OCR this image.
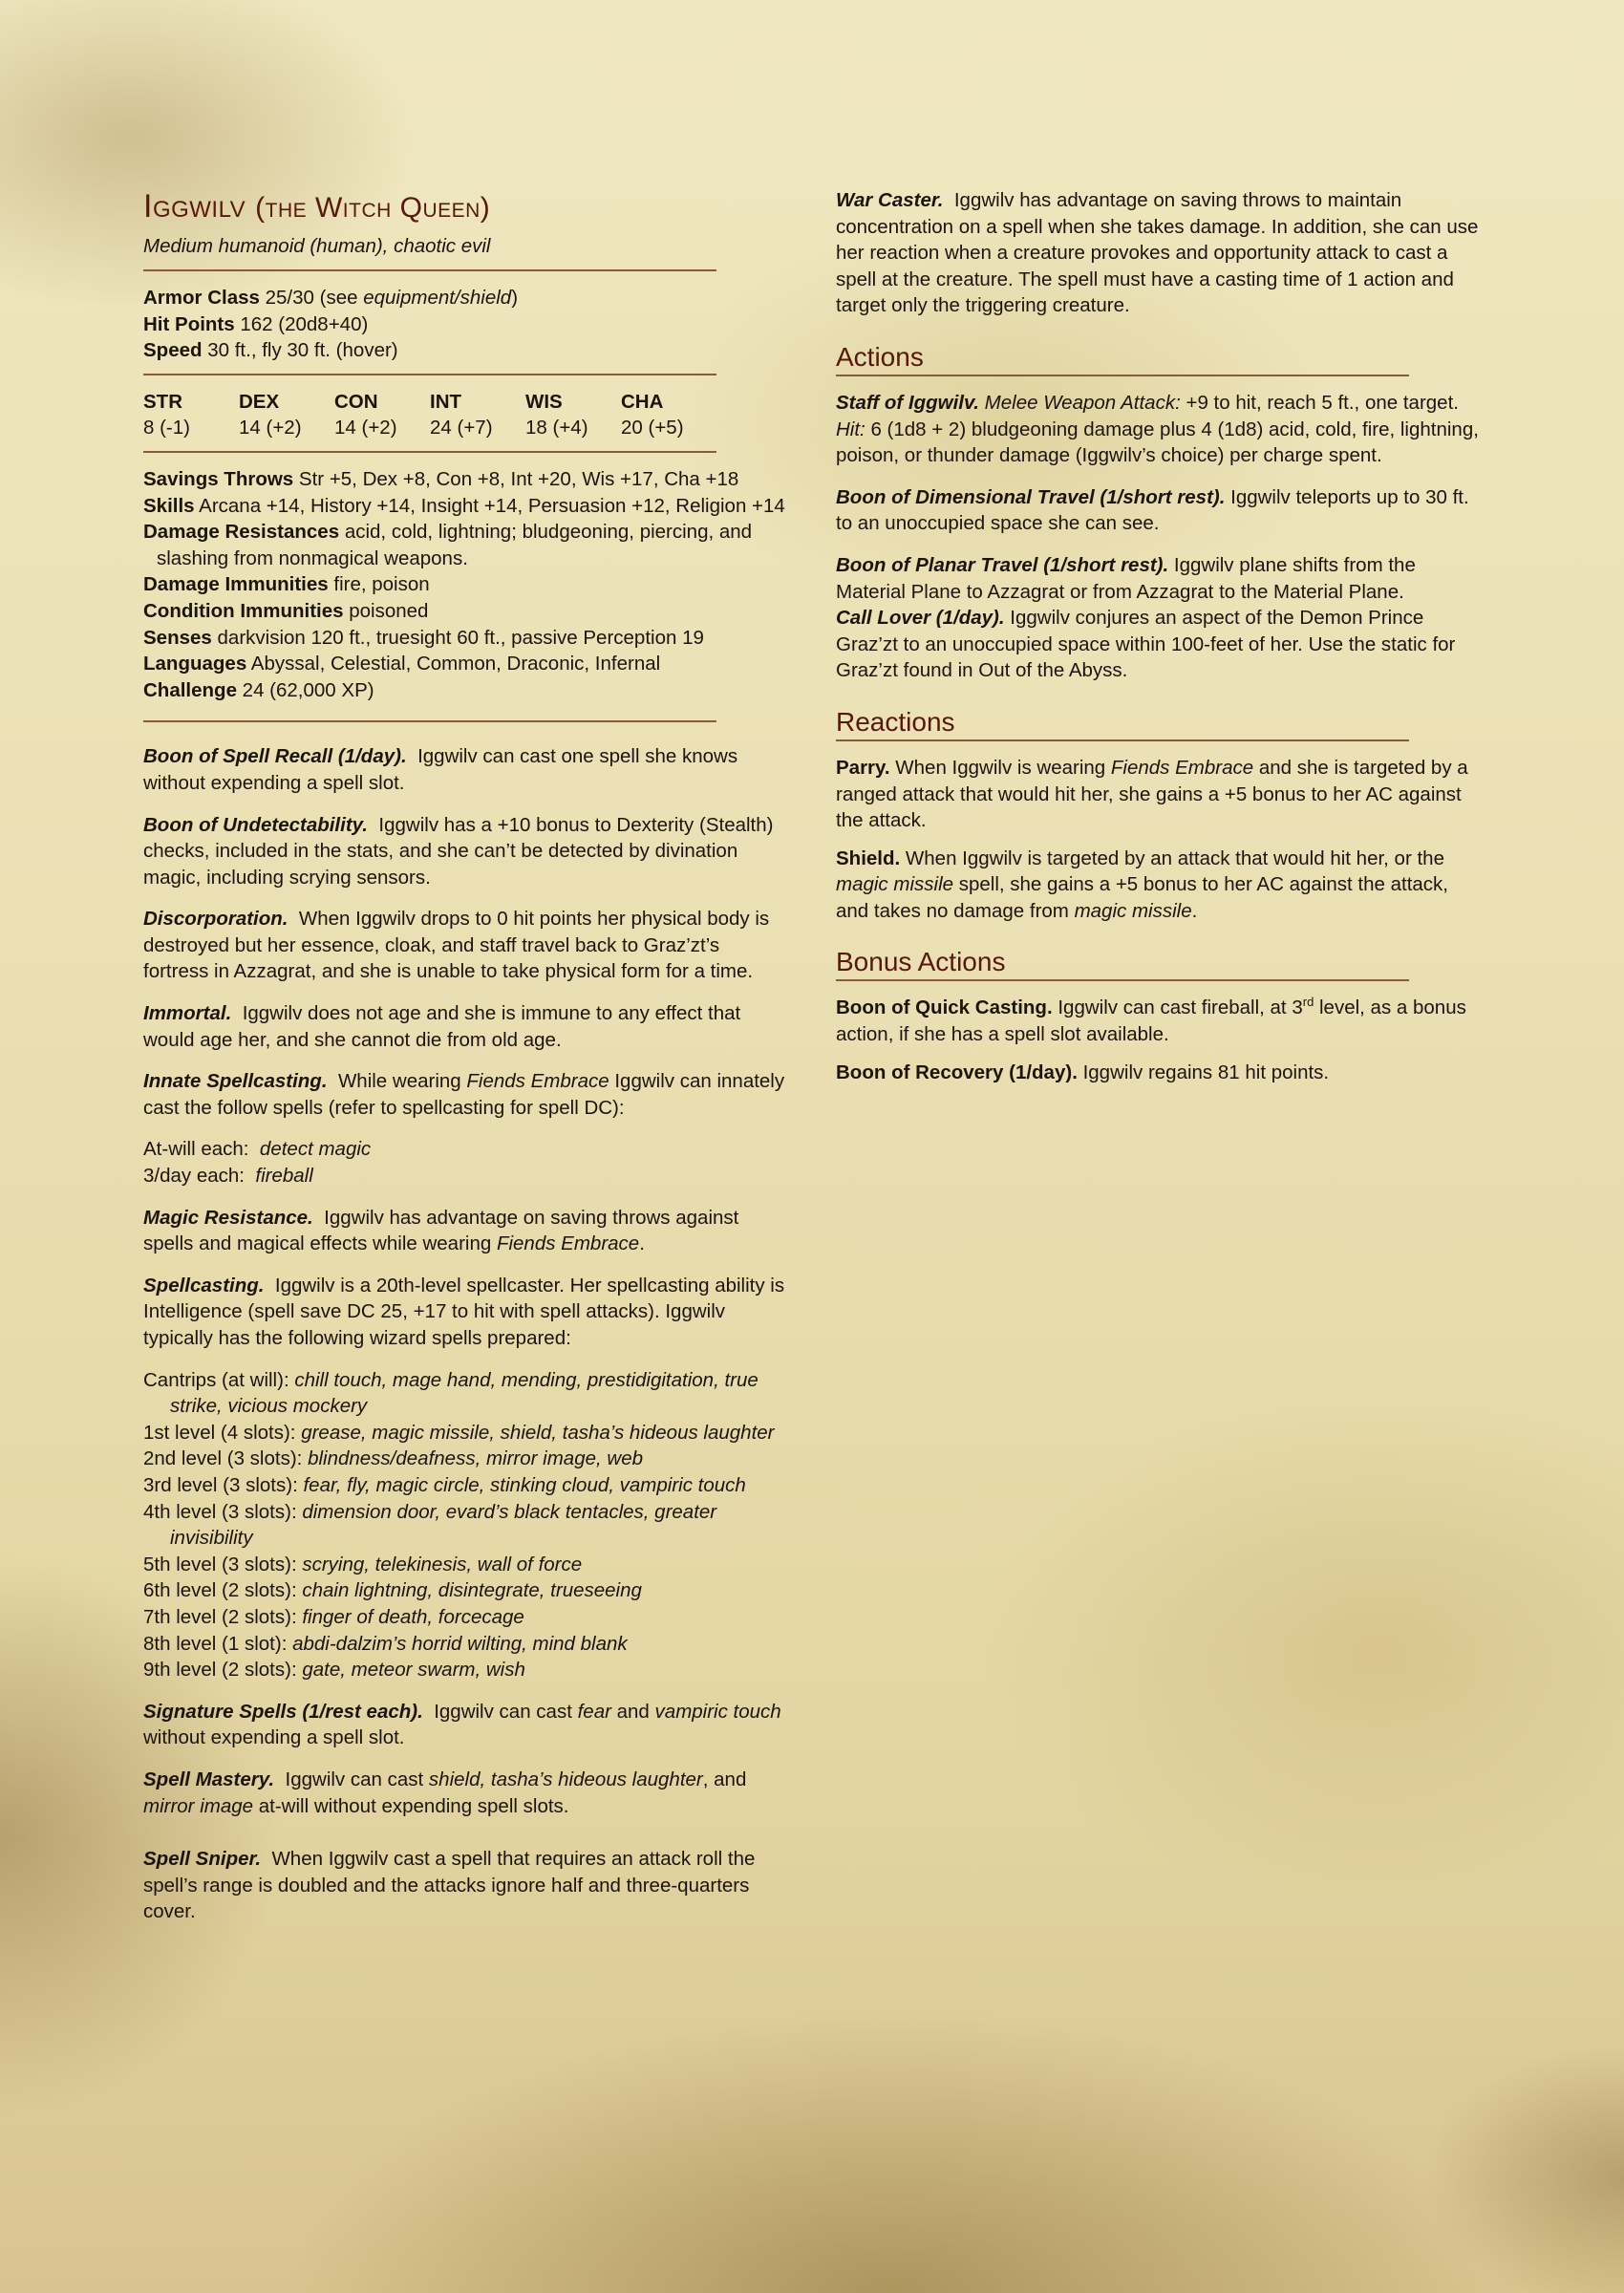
Iggwilv (the Witch Queen)
Medium humanoid (human), chaotic evil
Armor Class 25/30 (see equipment/shield)
Hit Points 162 (20d8+40)
Speed 30 ft., fly 30 ft. (hover)
STR	DEX	CON	INT	WIS	CHA
8 (-1)	14 (+2)	14 (+2)	24 (+7)	18 (+4)	20 (+5)
Savings Throws Str +5, Dex +8, Con +8, Int +20, Wis +17, Cha +18
Skills Arcana +14, History +14, Insight +14, Persuasion +12, Religion +14
Damage Resistances acid, cold, lightning; bludgeoning, piercing, and slashing from nonmagical weapons.
Damage Immunities fire, poison
Condition Immunities poisoned
Senses darkvision 120 ft., truesight 60 ft., passive Perception 19
Languages Abyssal, Celestial, Common, Draconic, Infernal
Challenge 24 (62,000 XP)

Boon of Spell Recall (1/day). Iggwilv can cast one spell she knows without expending a spell slot.

Boon of Undetectability. Iggwilv has a +10 bonus to Dexterity (Stealth) checks, included in the stats, and she can’t be detected by divination magic, including scrying sensors.

Discorporation. When Iggwilv drops to 0 hit points her physical body is destroyed but her essence, cloak, and staff travel back to Graz’zt’s fortress in Azzagrat, and she is unable to take physical form for a time.

Immortal. Iggwilv does not age and she is immune to any effect that would age her, and she cannot die from old age.

Innate Spellcasting. While wearing Fiends Embrace Iggwilv can innately cast the follow spells (refer to spellcasting for spell DC):

At-will each:  detect magic
3/day each:  fireball

Magic Resistance. Iggwilv has advantage on saving throws against spells and magical effects while wearing Fiends Embrace.

Spellcasting. Iggwilv is a 20th-level spellcaster. Her spellcasting ability is Intelligence (spell save DC 25, +17 to hit with spell attacks). Iggwilv typically has the following wizard spells prepared:

Cantrips (at will): chill touch, mage hand, mending, prestidigitation, true strike, vicious mockery
1st level (4 slots): grease, magic missile, shield, tasha’s hideous laughter
2nd level (3 slots): blindness/deafness, mirror image, web
3rd level (3 slots): fear, fly, magic circle, stinking cloud, vampiric touch
4th level (3 slots): dimension door, evard’s black tentacles, greater invisibility
5th level (3 slots): scrying, telekinesis, wall of force
6th level (2 slots): chain lightning, disintegrate, trueseeing
7th level (2 slots): finger of death, forcecage
8th level (1 slot): abdi-dalzim’s horrid wilting, mind blank
9th level (2 slots): gate, meteor swarm, wish

Signature Spells (1/rest each). Iggwilv can cast fear and vampiric touch without expending a spell slot.

Spell Mastery. Iggwilv can cast shield, tasha’s hideous laughter, and mirror image at-will without expending spell slots.

Spell Sniper. When Iggwilv cast a spell that requires an attack roll the spell’s range is doubled and the attacks ignore half and three-quarters cover.

War Caster. Iggwilv has advantage on saving throws to maintain concentration on a spell when she takes damage. In addition, she can use her reaction when a creature provokes and opportunity attack to cast a spell at the creature. The spell must have a casting time of 1 action and target only the triggering creature.

Actions

Staff of Iggwilv. Melee Weapon Attack: +9 to hit, reach 5 ft., one target. Hit: 6 (1d8 + 2) bludgeoning damage plus 4 (1d8) acid, cold, fire, lightning, poison, or thunder damage (Iggwilv’s choice) per charge spent.

Boon of Dimensional Travel (1/short rest). Iggwilv teleports up to 30 ft. to an unoccupied space she can see.

Boon of Planar Travel (1/short rest). Iggwilv plane shifts from the Material Plane to Azzagrat or from Azzagrat to the Material Plane.

Call Lover (1/day). Iggwilv conjures an aspect of the Demon Prince Graz’zt to an unoccupied space within 100-feet of her. Use the static for Graz’zt found in Out of the Abyss.

Reactions

Parry. When Iggwilv is wearing Fiends Embrace and she is targeted by a ranged attack that would hit her, she gains a +5 bonus to her AC against the attack.

Shield. When Iggwilv is targeted by an attack that would hit her, or the magic missile spell, she gains a +5 bonus to her AC against the attack, and takes no damage from magic missile.

Bonus Actions

Boon of Quick Casting. Iggwilv can cast fireball, at 3rd level, as a bonus action, if she has a spell slot available.

Boon of Recovery (1/day). Iggwilv regains 81 hit points.
